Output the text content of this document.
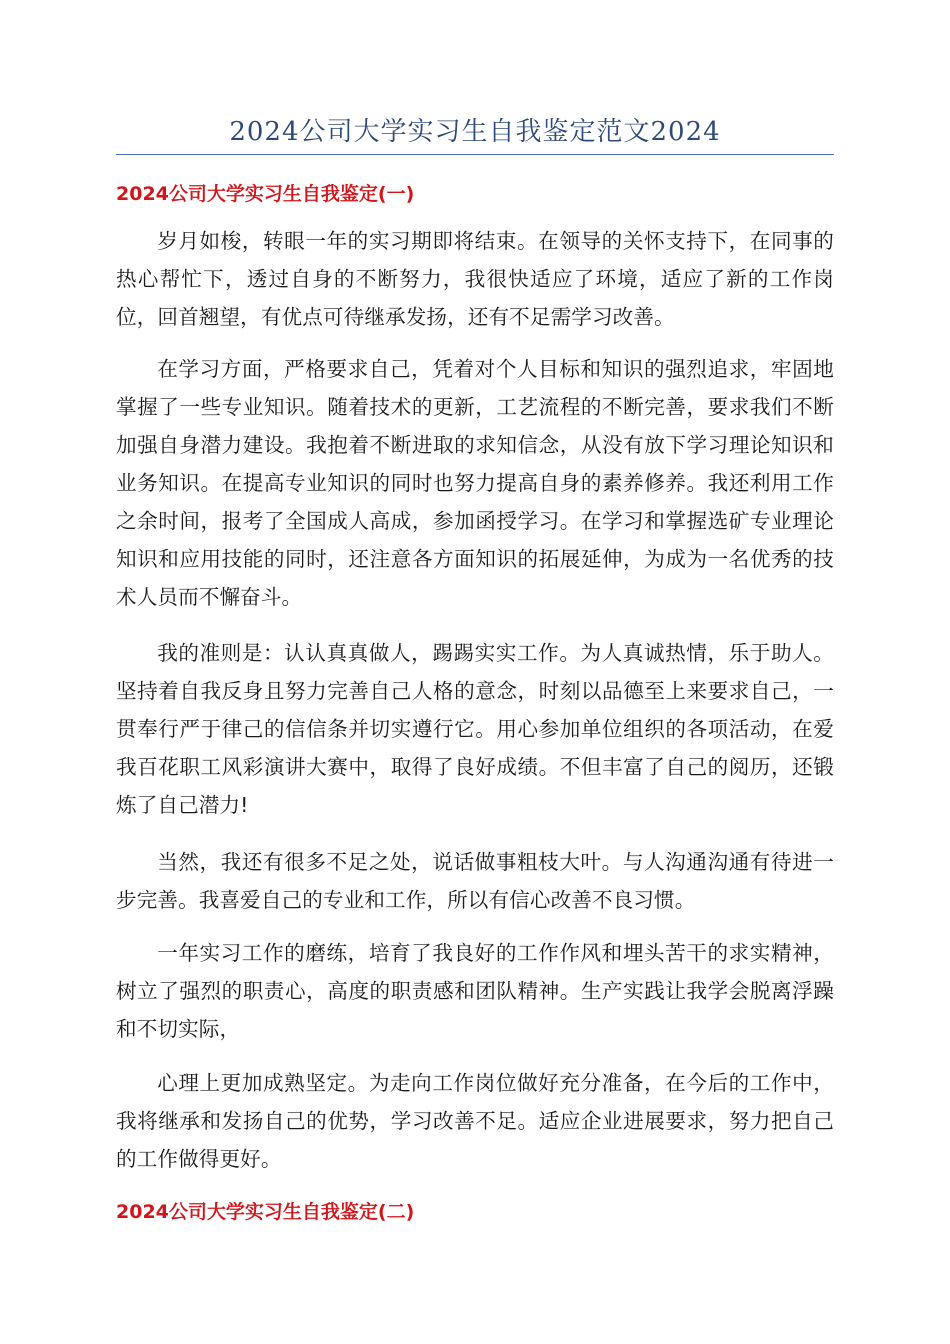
2024公司大学实习生自我鉴定范文2024
2024公司大学实习生自我鉴定(一)

岁月如梭，转眼一年的实习期即将结束。在领导的关怀支持下，在同事的热心帮忙下，透过自身的不断努力，我很快适应了环境，适应了新的工作岗位，回首翘望，有优点可待继承发扬，还有不足需学习改善。

在学习方面，严格要求自己，凭着对个人目标和知识的强烈追求，牢固地掌握了一些专业知识。随着技术的更新，工艺流程的不断完善，要求我们不断加强自身潜力建设。我抱着不断进取的求知信念，从没有放下学习理论知识和业务知识。在提高专业知识的同时也努力提高自身的素养修养。我还利用工作之余时间，报考了全国成人高成，参加函授学习。在学习和掌握选矿专业理论知识和应用技能的同时，还注意各方面知识的拓展延伸，为成为一名优秀的技术人员而不懈奋斗。

我的准则是：认认真真做人，踢踢实实工作。为人真诚热情，乐于助人。坚持着自我反身且努力完善自己人格的意念，时刻以品德至上来要求自己，一贯奉行严于律己的信信条并切实遵行它。用心参加单位组织的各项活动，在爱我百花职工风彩演讲大赛中，取得了良好成绩。不但丰富了自己的阅历，还锻炼了自己潜力!

当然，我还有很多不足之处，说话做事粗枝大叶。与人沟通沟通有待进一步完善。我喜爱自己的专业和工作，所以有信心改善不良习惯。

一年实习工作的磨练，培育了我良好的工作作风和埋头苦干的求实精神，树立了强烈的职责心，高度的职责感和团队精神。生产实践让我学会脱离浮躁和不切实际，

心理上更加成熟坚定。为走向工作岗位做好充分准备，在今后的工作中，我将继承和发扬自己的优势，学习改善不足。适应企业进展要求，努力把自己的工作做得更好。

2024公司大学实习生自我鉴定(二)
